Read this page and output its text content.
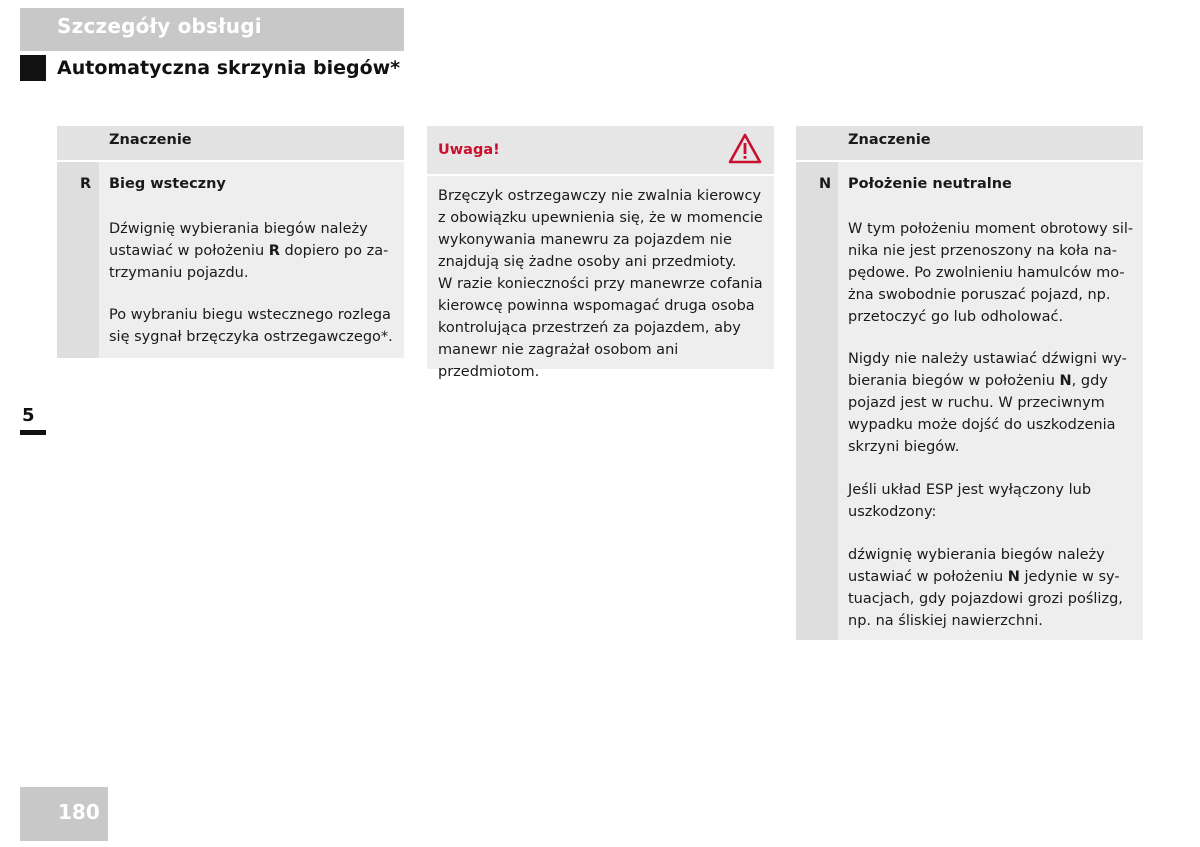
Szczegóły obsługi
Automatyczna skrzynia biegów*
Znaczenie
R Bieg wsteczny
Dźwignię wybierania biegów należy
ustawiać w położeniu R dopiero po za-
trzymaniu pojazdu.
Po wybraniu biegu wstecznego rozlega
się sygnał brzęczyka ostrzegawczego*.
Uwaga!
Brzęczyk ostrzegawczy nie zwalnia kierowcy
z obowiązku upewnienia się, że w momencie
wykonywania manewru za pojazdem nie
znajdują się żadne osoby ani przedmioty.
W razie konieczności przy manewrze cofania
kierowcę powinna wspomagać druga osoba
kontrolująca przestrzeń za pojazdem, aby
manewr nie zagrażał osobom ani przedmiotom.
Znaczenie
N Położenie neutralne
W tym położeniu moment obrotowy sil-
nika nie jest przenoszony na koła na-
pędowe. Po zwolnieniu hamulców mo-
żna swobodnie poruszać pojazd, np.
przetoczyć go lub odholować.
Nigdy nie należy ustawiać dźwigni wy-
bierania biegów w położeniu N, gdy
pojazd jest w ruchu. W przeciwnym
wypadku może dojść do uszkodzenia
skrzyni biegów.
Jeśli układ ESP jest wyłączony lub
uszkodzony:
dźwignię wybierania biegów należy
ustawiać w położeniu N jedynie w sy-
tuacjach, gdy pojazdowi grozi poślizg,
np. na śliskiej nawierzchni.
5
180
